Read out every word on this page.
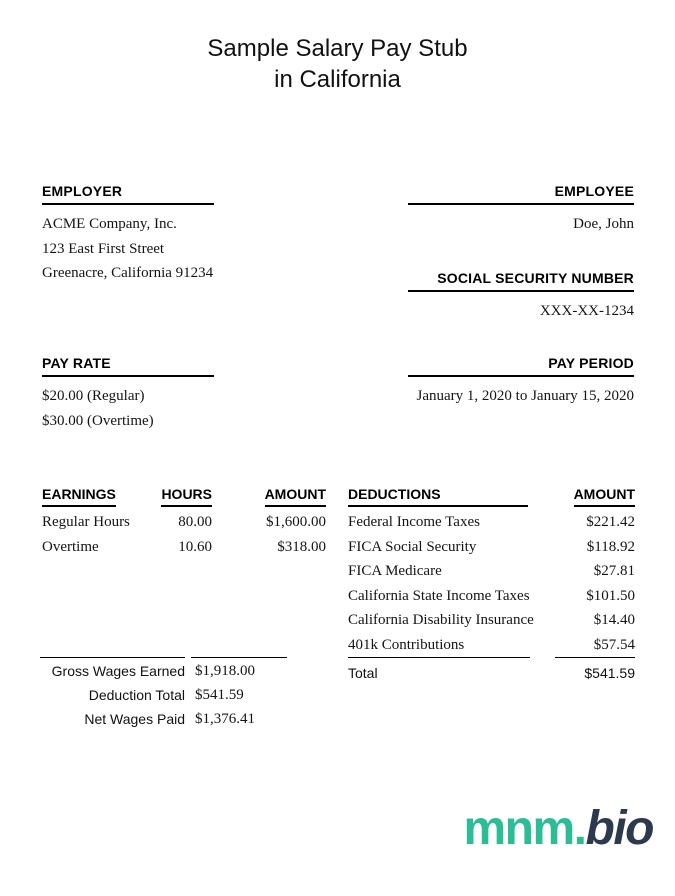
Sample Salary Pay Stub
in California
EMPLOYER
ACME Company, Inc.
123 East First Street
Greenacre, California 91234
EMPLOYEE
Doe, John
SOCIAL SECURITY NUMBER
XXX-XX-1234
PAY RATE
$20.00 (Regular)
$30.00 (Overtime)
PAY PERIOD
January 1, 2020 to January 15, 2020
EARNINGS	HOURS	AMOUNT
Regular Hours	80.00	$1,600.00
Overtime	10.60	$318.00
DEDUCTIONS	AMOUNT
Federal Income Taxes	$221.42
FICA Social Security	$118.92
FICA Medicare	$27.81
California State Income Taxes	$101.50
California Disability Insurance	$14.40
401k Contributions	$57.54
Total	$541.59
Gross Wages Earned $1,918.00
Deduction Total $541.59
Net Wages Paid $1,376.41
mnm.bio
